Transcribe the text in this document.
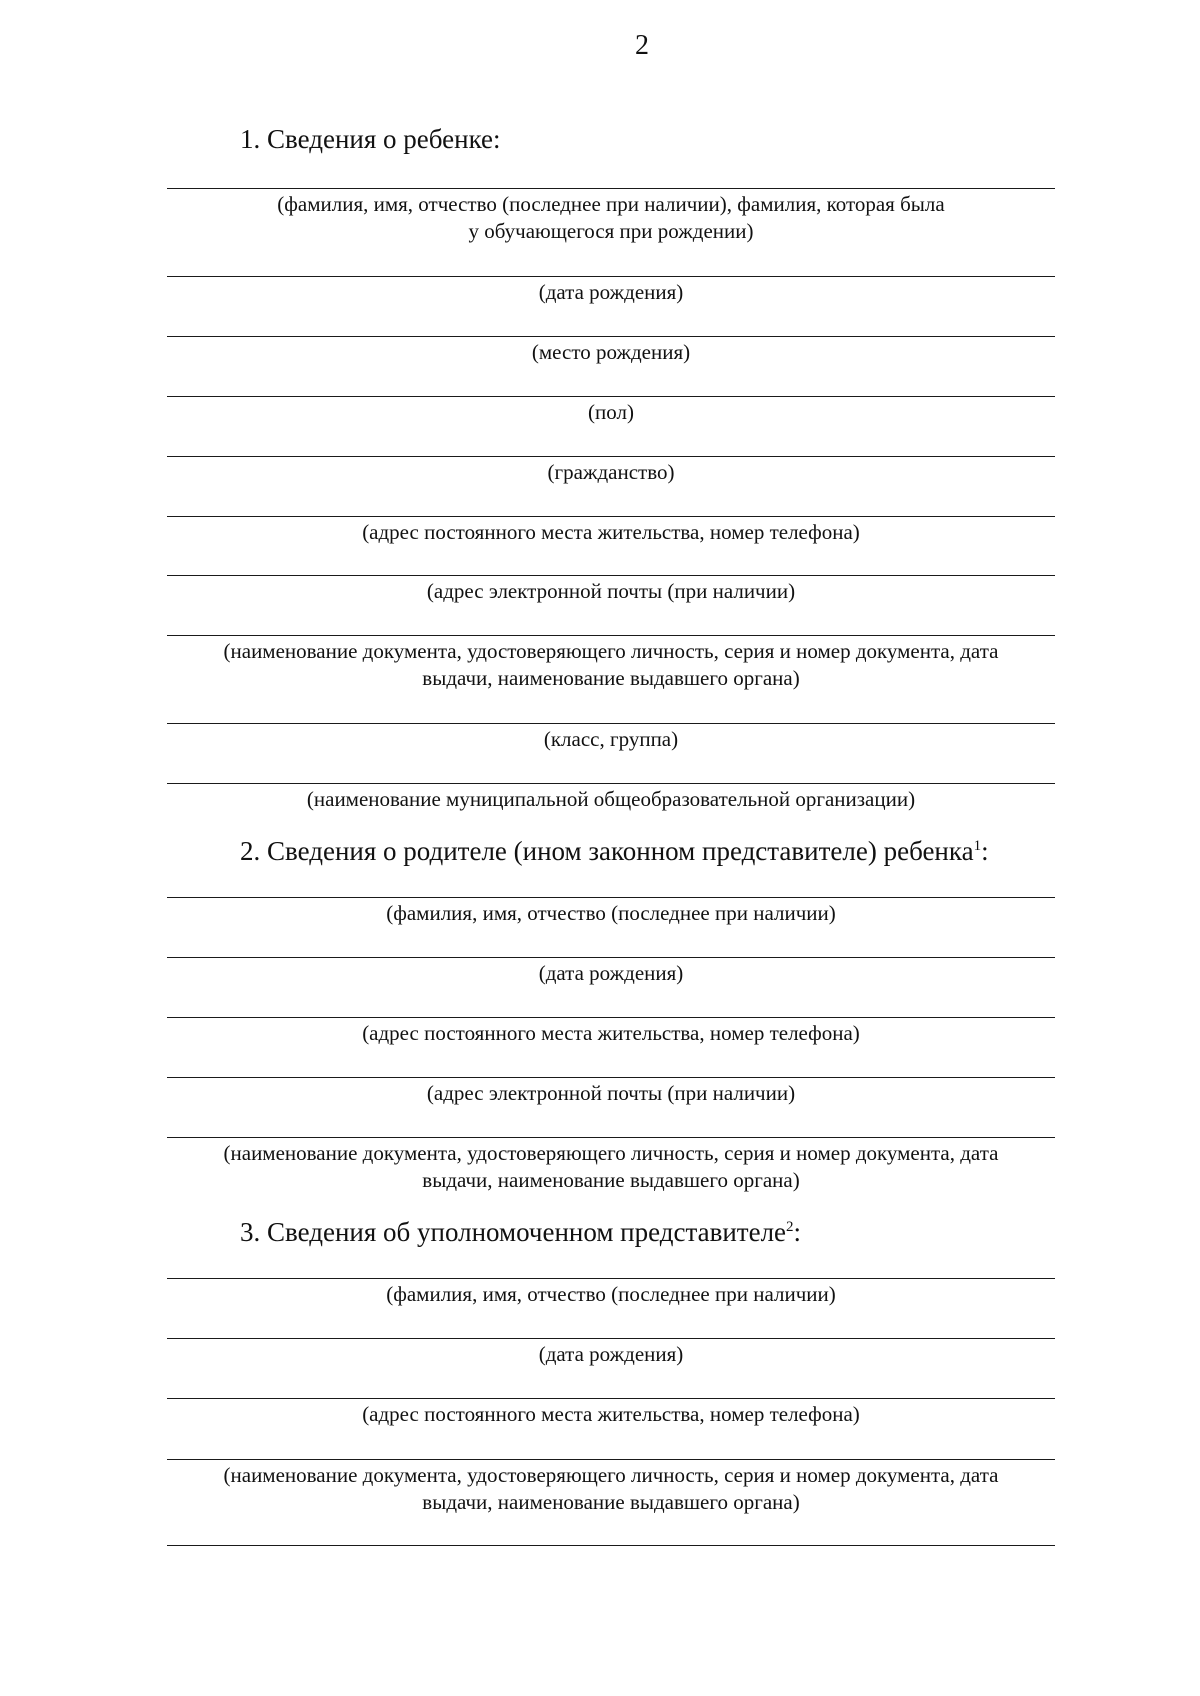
2
1. Сведения о ребенке:
(фамилия, имя, отчество (последнее при наличии), фамилия, которая была
у обучающегося при рождении)
(дата рождения)
(место рождения)
(пол)
(гражданство)
(адрес постоянного места жительства, номер телефона)
(адрес электронной почты (при наличии)
(наименование документа, удостоверяющего личность, серия и номер документа, дата
выдачи, наименование выдавшего органа)
(класс, группа)
(наименование муниципальной общеобразовательной организации)
2. Сведения о родителе (ином законном представителе) ребенка$^1$:
(фамилия, имя, отчество (последнее при наличии)
(дата рождения)
(адрес постоянного места жительства, номер телефона)
(адрес электронной почты (при наличии)
(наименование документа, удостоверяющего личность, серия и номер документа, дата
выдачи, наименование выдавшего органа)
3. Сведения об уполномоченном представителе$^2$:
(фамилия, имя, отчество (последнее при наличии)
(дата рождения)
(адрес постоянного места жительства, номер телефона)
(наименование документа, удостоверяющего личность, серия и номер документа, дата
выдачи, наименование выдавшего органа)
